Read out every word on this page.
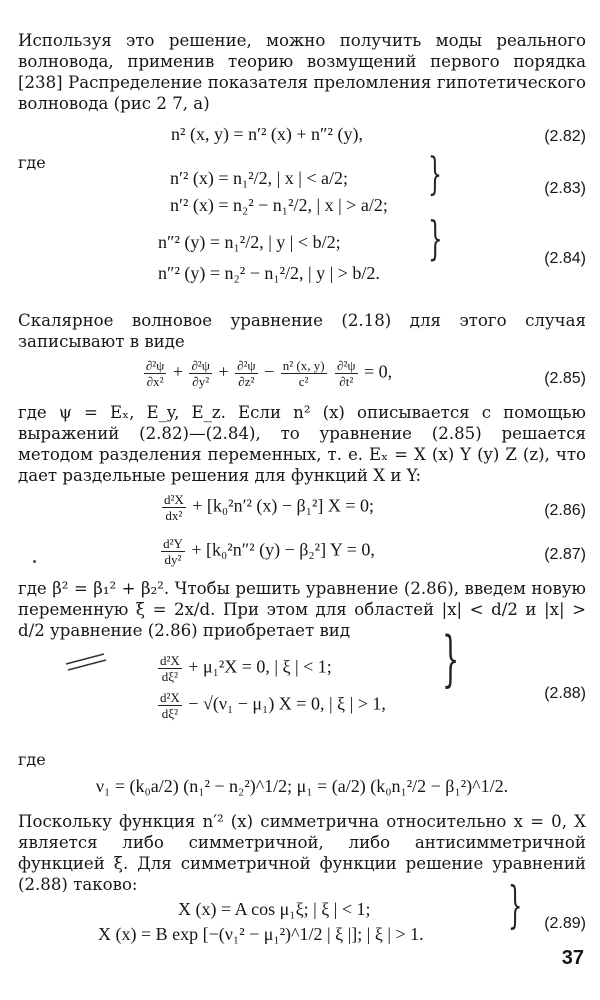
Используя это решение, можно получить моды реального волновода, применив теорию возмущений первого порядка [238] Распределение показателя преломления гипотетического волновода (рис 2 7, а)

n² (x, y) = n′² (x) + n″² (y),	(2.82)
где
n′² (x) = n₁²/2, | x | < a/2;
n′² (x) = n₂² − n₁²/2, | x | > a/2;
}	(2.83)
n″² (y) = n₁²/2, | y | < b/2;
n″² (y) = n₂² − n₁²/2, | y | > b/2.
}	(2.84)

Скалярное волновое уравнение (2.18) для этого случая записывают в виде

$\frac{\text{∂²ψ}}{\text{∂x²}} + \frac{\text{∂²ψ}}{\text{∂y²}} + \frac{\text{∂²ψ}}{\text{∂z²}} - \frac{\text{n² (x, y)}}{\text{c²}}$
$\frac{\text{∂²ψ}}{\text{∂t²}} = 0$,	(2.85)

где ψ = Eₓ, E_y, E_z. Если n² (x) описывается с помощью выражений (2.82)—(2.84), то уравнение (2.85) решается методом разделения переменных, т. е. Eₓ = X (x) Y (y) Z (z), что дает раздельные решения для функций X и Y:

$\frac{\text{d²X}}{\text{dx²}} + [k_0^2n'^2$ (x) − β₁²] X = 0;	(2.86)
$\frac{\text{d²Y}}{\text{dy²}} + [k_0^2n''^2$ (y) − β₂²] Y = 0,	(2.87)

где β² = β₁² + β₂². Чтобы решить уравнение (2.86), введем новую переменную ξ = 2x/d. При этом для областей |x| < d/2 и |x| > d/2 уравнение (2.86) приобретает вид

$\frac{\text{d²X}}{\text{dξ²}} + \mu_1^2X = 0$, | ξ | < 1;
$\frac{\text{d²X}}{\text{dξ²}} - √(\nu_1 - \mu_1) X = 0$, | ξ | > 1,
}	(2.88)
где
ν₁ = (k₀a/2) (n₁² − n₂²)^1/2; μ₁ = (a/2) (k₀n₁²/2 − β₁²)^1/2.

Поскольку функция n′² (x) симметрична относительно x = 0, X является либо симметричной, либо антисимметричной функцией ξ. Для симметричной функции решение уравнений (2.88) таково:

X (x) = A cos μ₁ξ; | ξ | < 1;
X (x) = B exp [−(ν₁² − μ₁²)^1/2 | ξ |]; | ξ | > 1. } (2.89)
37
